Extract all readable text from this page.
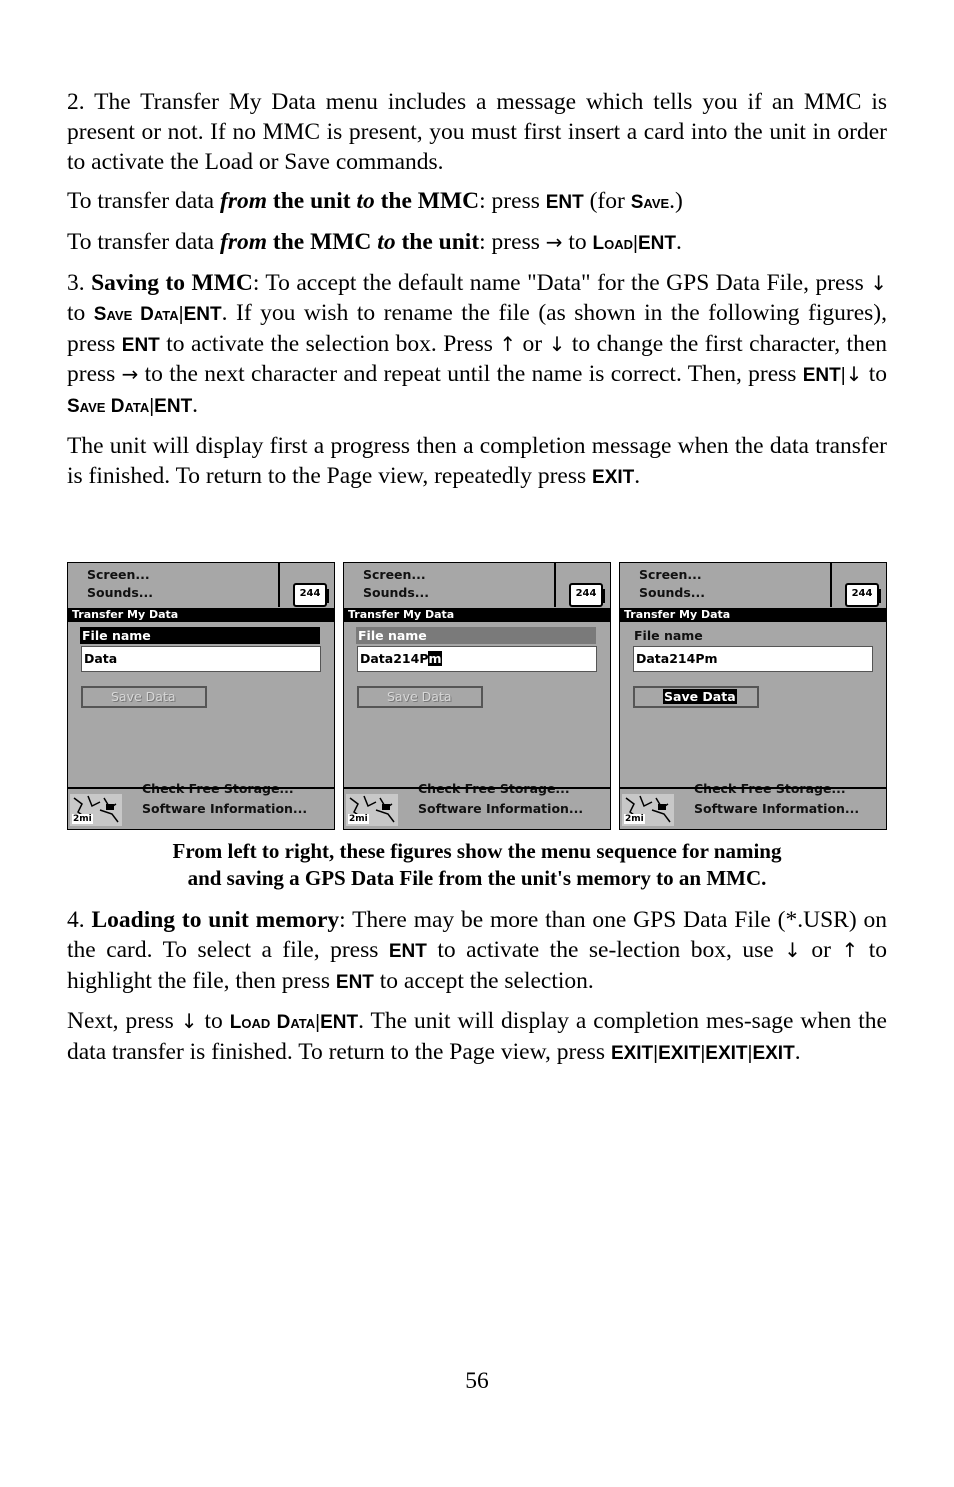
2. The Transfer My Data menu includes a message which tells you if an MMC is present or not. If no MMC is present, you must first insert a card into the unit in order to activate the Load or Save commands.

To transfer data from the unit to the MMC: press ENT (for Save.)

To transfer data from the MMC to the unit: press → to Load|ENT.

3. Saving to MMC: To accept the default name "Data" for the GPS Data File, press ↓ to Save Data|ENT. If you wish to rename the file (as shown in the following figures), press ENT to activate the selection box. Press ↑ or ↓ to change the first character, then press → to the next character and repeat until the name is correct. Then, press ENT|↓ to Save Data|ENT.

The unit will display first a progress then a completion message when the data transfer is finished. To return to the Page view, repeatedly press EXIT.

Screen...
Sounds...	244
Transfer My Data
File name
Data
Save Data
Software Information...
2mi
Screen...
Sounds...	244
Transfer My Data
File name
Data214Pm
Save Data
Software Information...
2mi
Screen...
Sounds...	244
Transfer My Data
File name
Data214Pm
Save Data
Software Information...
2mi
From left to right, these figures show the menu sequence for naming
and saving a GPS Data File from the unit's memory to an MMC.

4. Loading to unit memory: There may be more than one GPS Data File (*.USR) on the card. To select a file, press ENT to activate the se-lection box, use ↓ or ↑ to highlight the file, then press ENT to accept the selection.

Next, press ↓ to Load Data|ENT. The unit will display a completion mes-sage when the data transfer is finished. To return to the Page view, press EXIT|EXIT|EXIT|EXIT.

56
